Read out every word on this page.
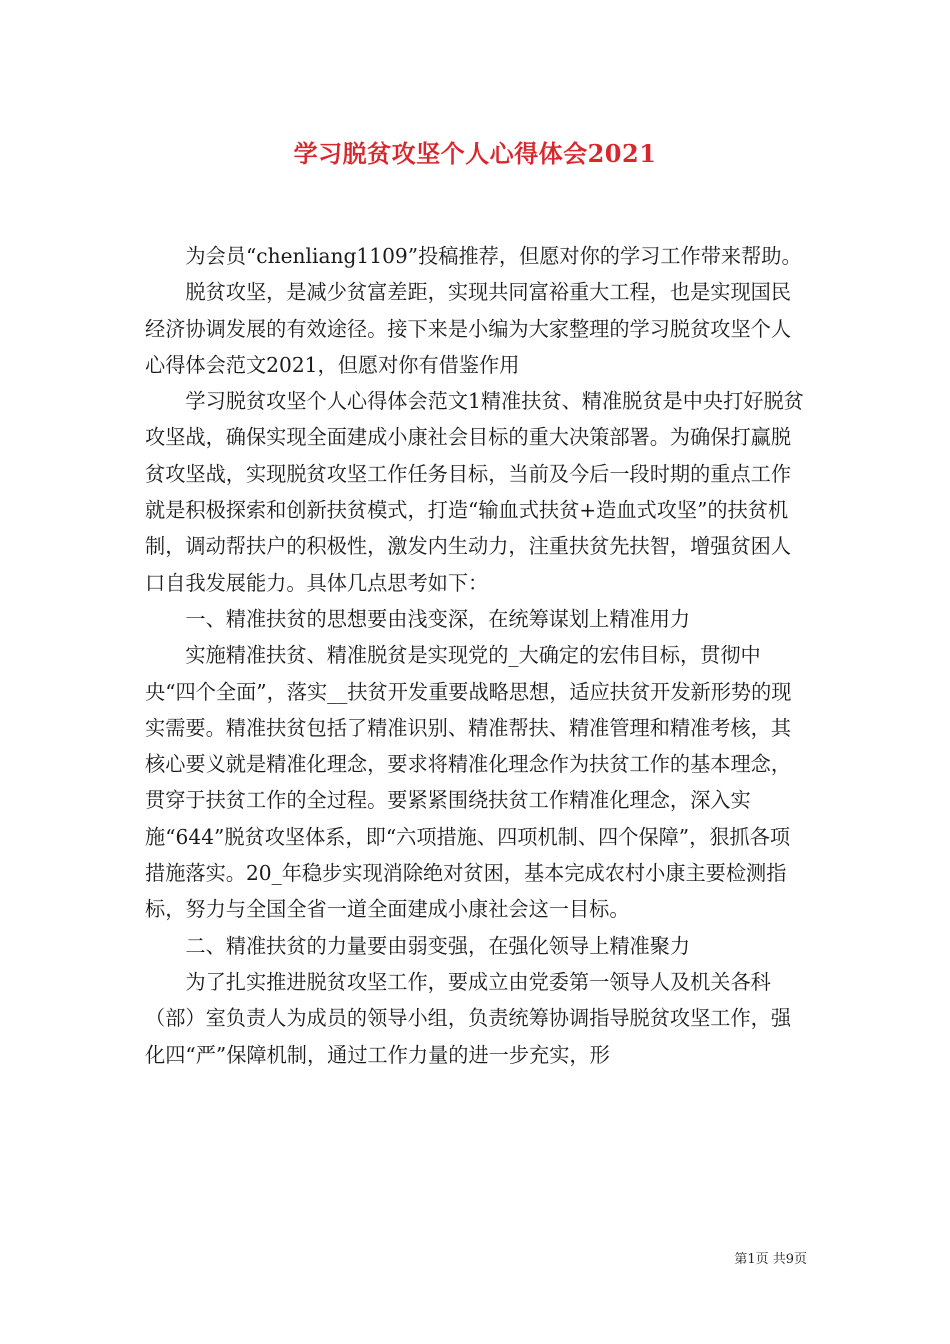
学习脱贫攻坚个人心得体会2021

为会员“chenliang1109”投稿推荐，但愿对你的学习工作带来帮助。

脱贫攻坚，是减少贫富差距，实现共同富裕重大工程，也是实现国民经济协调发展的有效途径。接下来是小编为大家整理的学习脱贫攻坚个人心得体会范文2021，但愿对你有借鉴作用

学习脱贫攻坚个人心得体会范文1精准扶贫、精准脱贫是中央打好脱贫攻坚战，确保实现全面建成小康社会目标的重大决策部署。为确保打赢脱贫攻坚战，实现脱贫攻坚工作任务目标，当前及今后一段时期的重点工作就是积极探索和创新扶贫模式，打造“输血式扶贫+造血式攻坚”的扶贫机制，调动帮扶户的积极性，激发内生动力，注重扶贫先扶智，增强贫困人口自我发展能力。具体几点思考如下：

一、精准扶贫的思想要由浅变深，在统筹谋划上精准用力

实施精准扶贫、精准脱贫是实现党的_大确定的宏伟目标，贯彻中央“四个全面”，落实__扶贫开发重要战略思想，适应扶贫开发新形势的现实需要。精准扶贫包括了精准识别、精准帮扶、精准管理和精准考核，其核心要义就是精准化理念，要求将精准化理念作为扶贫工作的基本理念，贯穿于扶贫工作的全过程。要紧紧围绕扶贫工作精准化理念，深入实施“644”脱贫攻坚体系，即“六项措施、四项机制、四个保障”，狠抓各项措施落实。20_年稳步实现消除绝对贫困，基本完成农村小康主要检测指标，努力与全国全省一道全面建成小康社会这一目标。

二、精准扶贫的力量要由弱变强，在强化领导上精准聚力

为了扎实推进脱贫攻坚工作，要成立由党委第一领导人及机关各科（部）室负责人为成员的领导小组，负责统筹协调指导脱贫攻坚工作，强化四“严”保障机制，通过工作力量的进一步充实，形

第1页 共9页
